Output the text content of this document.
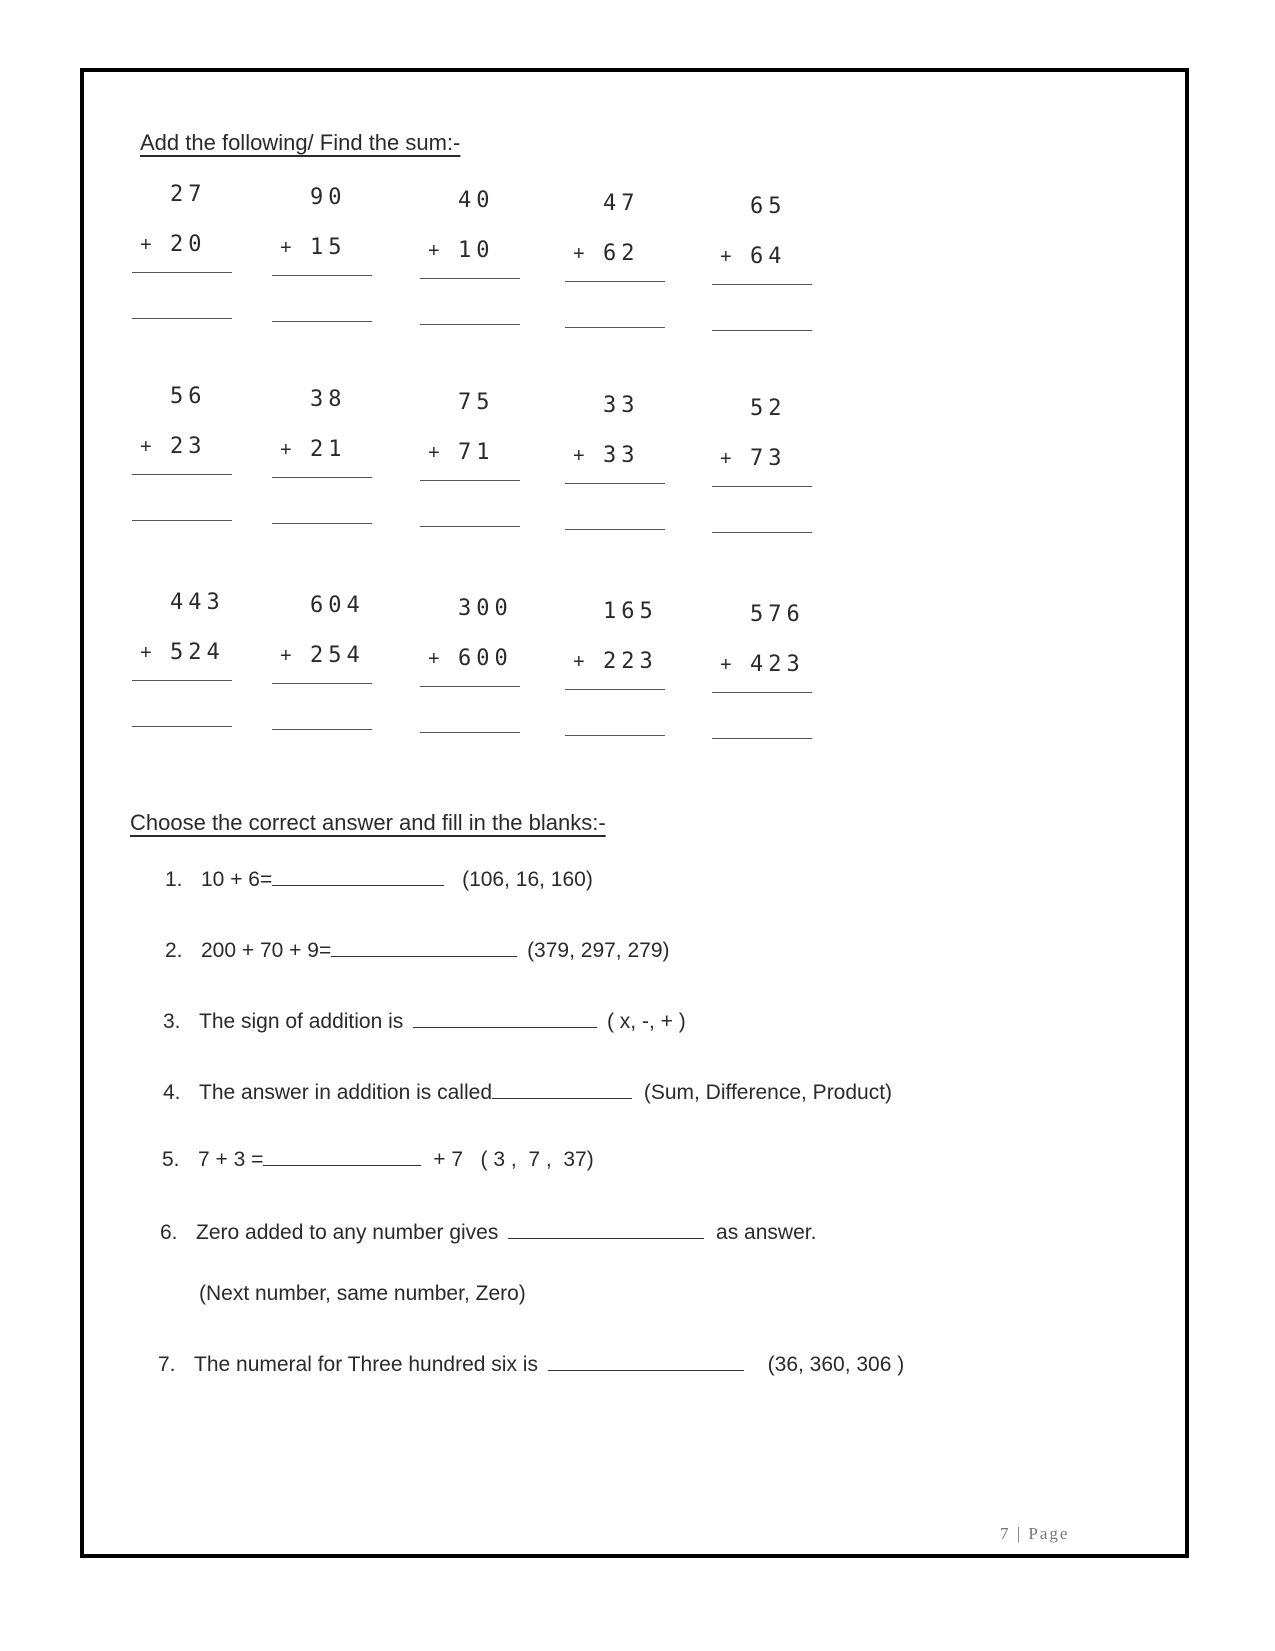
Add the following/ Find the sum:-
27
+ 20
90
+ 15
40
+ 10
47
+ 62
65
+ 64
56
+ 23
38
+ 21
75
+ 71
33
+ 33
52
+ 73
443
+ 524
604
+ 254
300
+ 600
165
+ 223
576
+ 423
Choose the correct answer and fill in the blanks:-
1. 10 + 6=	(106, 16, 160)
2. 200 + 70 + 9=	(379, 297, 279)
3. The sign of addition is	( x, -, + )
4. The answer in addition is called	(Sum, Difference, Product)
5. 7 + 3 =	+ 7   ( 3 ,  7 ,  37)
6. Zero added to any number gives	as answer.
(Next number, same number, Zero)
7. The numeral for Three hundred six is	(36, 360, 306 )
7 | Page
